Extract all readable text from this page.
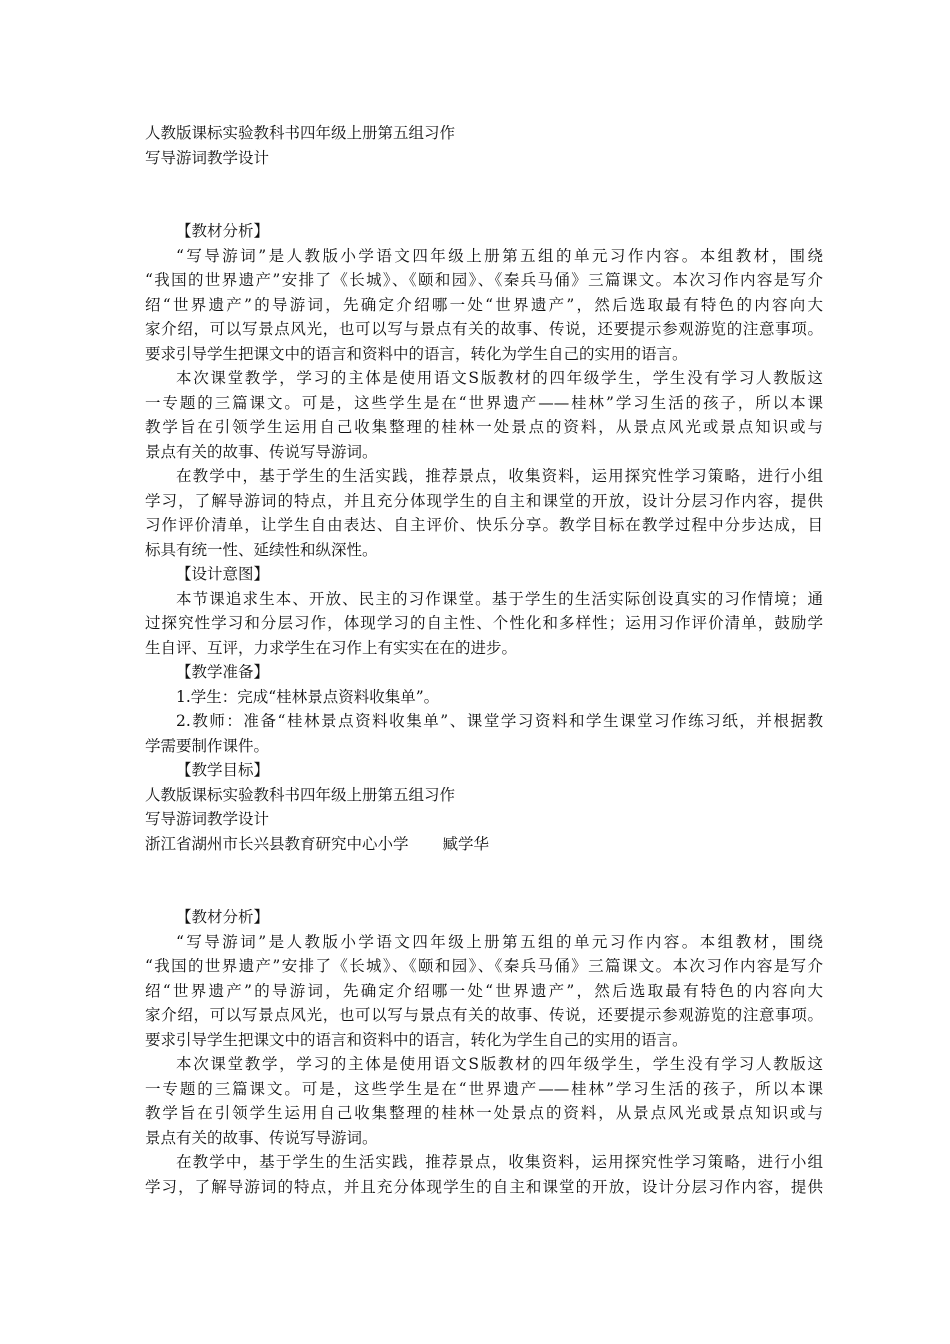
人教版课标实验教科书四年级上册第五组习作
写导游词教学设计
【教材分析】
“写导游词”是人教版小学语文四年级上册第五组的单元习作内容。本组教材，围绕
“我国的世界遗产”安排了《长城》、《颐和园》、《秦兵马俑》三篇课文。本次习作内容是写介
绍“世界遗产”的导游词，先确定介绍哪一处“世界遗产”，然后选取最有特色的内容向大
家介绍，可以写景点风光，也可以写与景点有关的故事、传说，还要提示参观游览的注意事项。
要求引导学生把课文中的语言和资料中的语言，转化为学生自己的实用的语言。
本次课堂教学，学习的主体是使用语文S版教材的四年级学生，学生没有学习人教版这
一专题的三篇课文。可是，这些学生是在“世界遗产——桂林”学习生活的孩子，所以本课
教学旨在引领学生运用自己收集整理的桂林一处景点的资料，从景点风光或景点知识或与
景点有关的故事、传说写导游词。
在教学中，基于学生的生活实践，推荐景点，收集资料，运用探究性学习策略，进行小组
学习，了解导游词的特点，并且充分体现学生的自主和课堂的开放，设计分层习作内容，提供
习作评价清单，让学生自由表达、自主评价、快乐分享。教学目标在教学过程中分步达成，目
标具有统一性、延续性和纵深性。
【设计意图】
本节课追求生本、开放、民主的习作课堂。基于学生的生活实际创设真实的习作情境；通
过探究性学习和分层习作，体现学习的自主性、个性化和多样性；运用习作评价清单，鼓励学
生自评、互评，力求学生在习作上有实实在在的进步。
【教学准备】
1.学生：完成“桂林景点资料收集单”。
2.教师：准备“桂林景点资料收集单”、课堂学习资料和学生课堂习作练习纸，并根据教
学需要制作课件。
【教学目标】
人教版课标实验教科书四年级上册第五组习作
写导游词教学设计
浙江省湖州市长兴县教育研究中心小学 臧学华
【教材分析】
“写导游词”是人教版小学语文四年级上册第五组的单元习作内容。本组教材，围绕
“我国的世界遗产”安排了《长城》、《颐和园》、《秦兵马俑》三篇课文。本次习作内容是写介
绍“世界遗产”的导游词，先确定介绍哪一处“世界遗产”，然后选取最有特色的内容向大
家介绍，可以写景点风光，也可以写与景点有关的故事、传说，还要提示参观游览的注意事项。
要求引导学生把课文中的语言和资料中的语言，转化为学生自己的实用的语言。
本次课堂教学，学习的主体是使用语文S版教材的四年级学生，学生没有学习人教版这
一专题的三篇课文。可是，这些学生是在“世界遗产——桂林”学习生活的孩子，所以本课
教学旨在引领学生运用自己收集整理的桂林一处景点的资料，从景点风光或景点知识或与
景点有关的故事、传说写导游词。
在教学中，基于学生的生活实践，推荐景点，收集资料，运用探究性学习策略，进行小组
学习，了解导游词的特点，并且充分体现学生的自主和课堂的开放，设计分层习作内容，提供
